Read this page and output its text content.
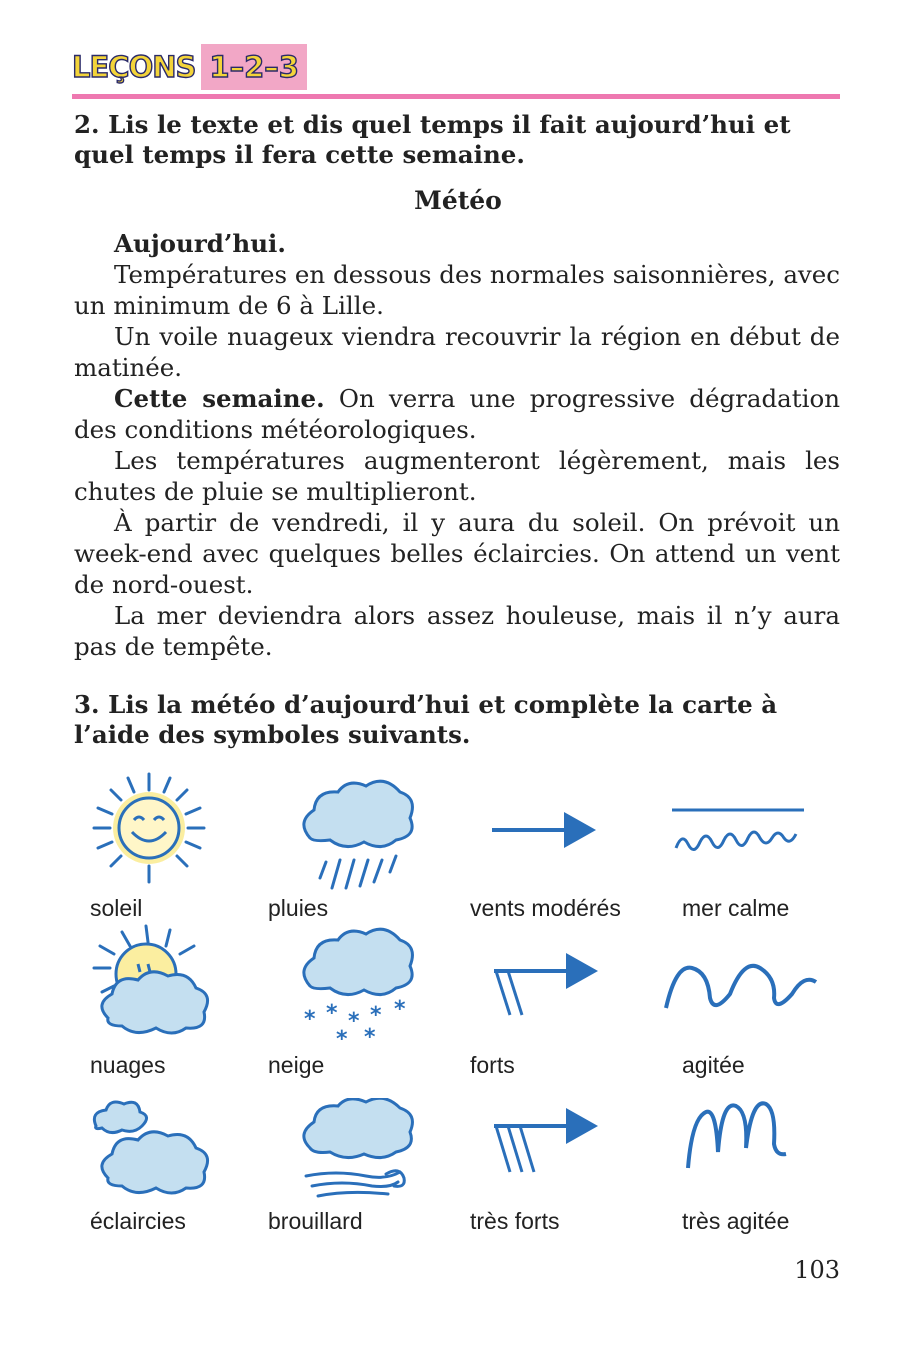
LEÇONS 1–2–3
2. Lis le texte et dis quel temps il fait aujourd’hui et quel temps il fera cette semaine.
Météo

Aujourd’hui.

Températures en dessous des normales saisonnières, avec un minimum de 6 à Lille.

Un voile nuageux viendra recouvrir la région en début de matinée.

Cette semaine. On verra une progressive dégradation des conditions météorologiques.

Les températures augmenteront légèrement, mais les chutes de pluie se multiplieront.

À partir de vendredi, il y aura du soleil. On prévoit un week-end avec quelques belles éclaircies. On attend un vent de nord-ouest.

La mer deviendra alors assez houleuse, mais il n’y aura pas de tempête.

3. Lis la météo d’aujourd’hui et complète la carte à l’aide des symboles suivants.
soleil	pluies	vents modérés	mer calme
* * * * *
* *
nuages	neige	forts	agitée
éclaircies	brouillard	très forts	très agitée
103
